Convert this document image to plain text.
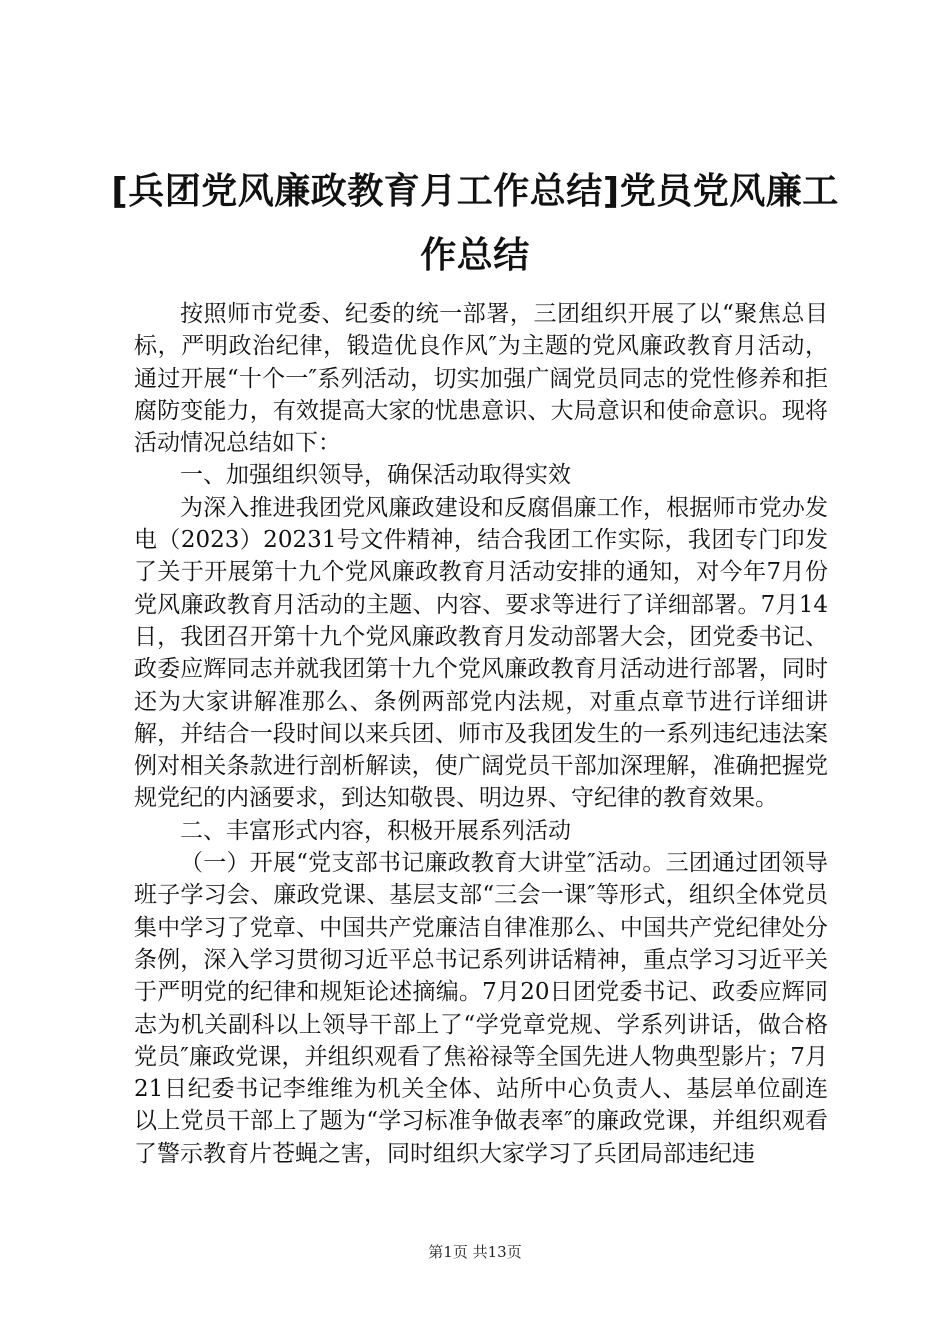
[兵团党风廉政教育月工作总结]党员党风廉工作总结

按照师市党委、纪委的统一部署，三团组织开展了以“聚焦总目标，严明政治纪律，锻造优良作风″为主题的党风廉政教育月活动，通过开展“十个一″系列活动，切实加强广阔党员同志的党性修养和拒腐防变能力，有效提高大家的忧患意识、大局意识和使命意识。现将活动情况总结如下：

一、加强组织领导，确保活动取得实效

为深入推进我团党风廉政建设和反腐倡廉工作，根据师市党办发电（2023）20231号文件精神，结合我团工作实际，我团专门印发了关于开展第十九个党风廉政教育月活动安排的通知，对今年7月份党风廉政教育月活动的主题、内容、要求等进行了详细部署。7月14日，我团召开第十九个党风廉政教育月发动部署大会，团党委书记、政委应辉同志并就我团第十九个党风廉政教育月活动进行部署，同时还为大家讲解准那么、条例两部党内法规，对重点章节进行详细讲解，并结合一段时间以来兵团、师市及我团发生的一系列违纪违法案例对相关条款进行剖析解读，使广阔党员干部加深理解，准确把握党规党纪的内涵要求，到达知敬畏、明边界、守纪律的教育效果。

二、丰富形式内容，积极开展系列活动

（一）开展“党支部书记廉政教育大讲堂″活动。三团通过团领导班子学习会、廉政党课、基层支部“三会一课″等形式，组织全体党员集中学习了党章、中国共产党廉洁自律准那么、中国共产党纪律处分条例，深入学习贯彻习近平总书记系列讲话精神，重点学习习近平关于严明党的纪律和规矩论述摘编。7月20日团党委书记、政委应辉同志为机关副科以上领导干部上了“学党章党规、学系列讲话，做合格党员″廉政党课，并组织观看了焦裕禄等全国先进人物典型影片；7月21日纪委书记李维维为机关全体、站所中心负责人、基层单位副连以上党员干部上了题为“学习标准争做表率″的廉政党课，并组织观看了警示教育片苍蝇之害，同时组织大家学习了兵团局部违纪违

第1页 共13页
